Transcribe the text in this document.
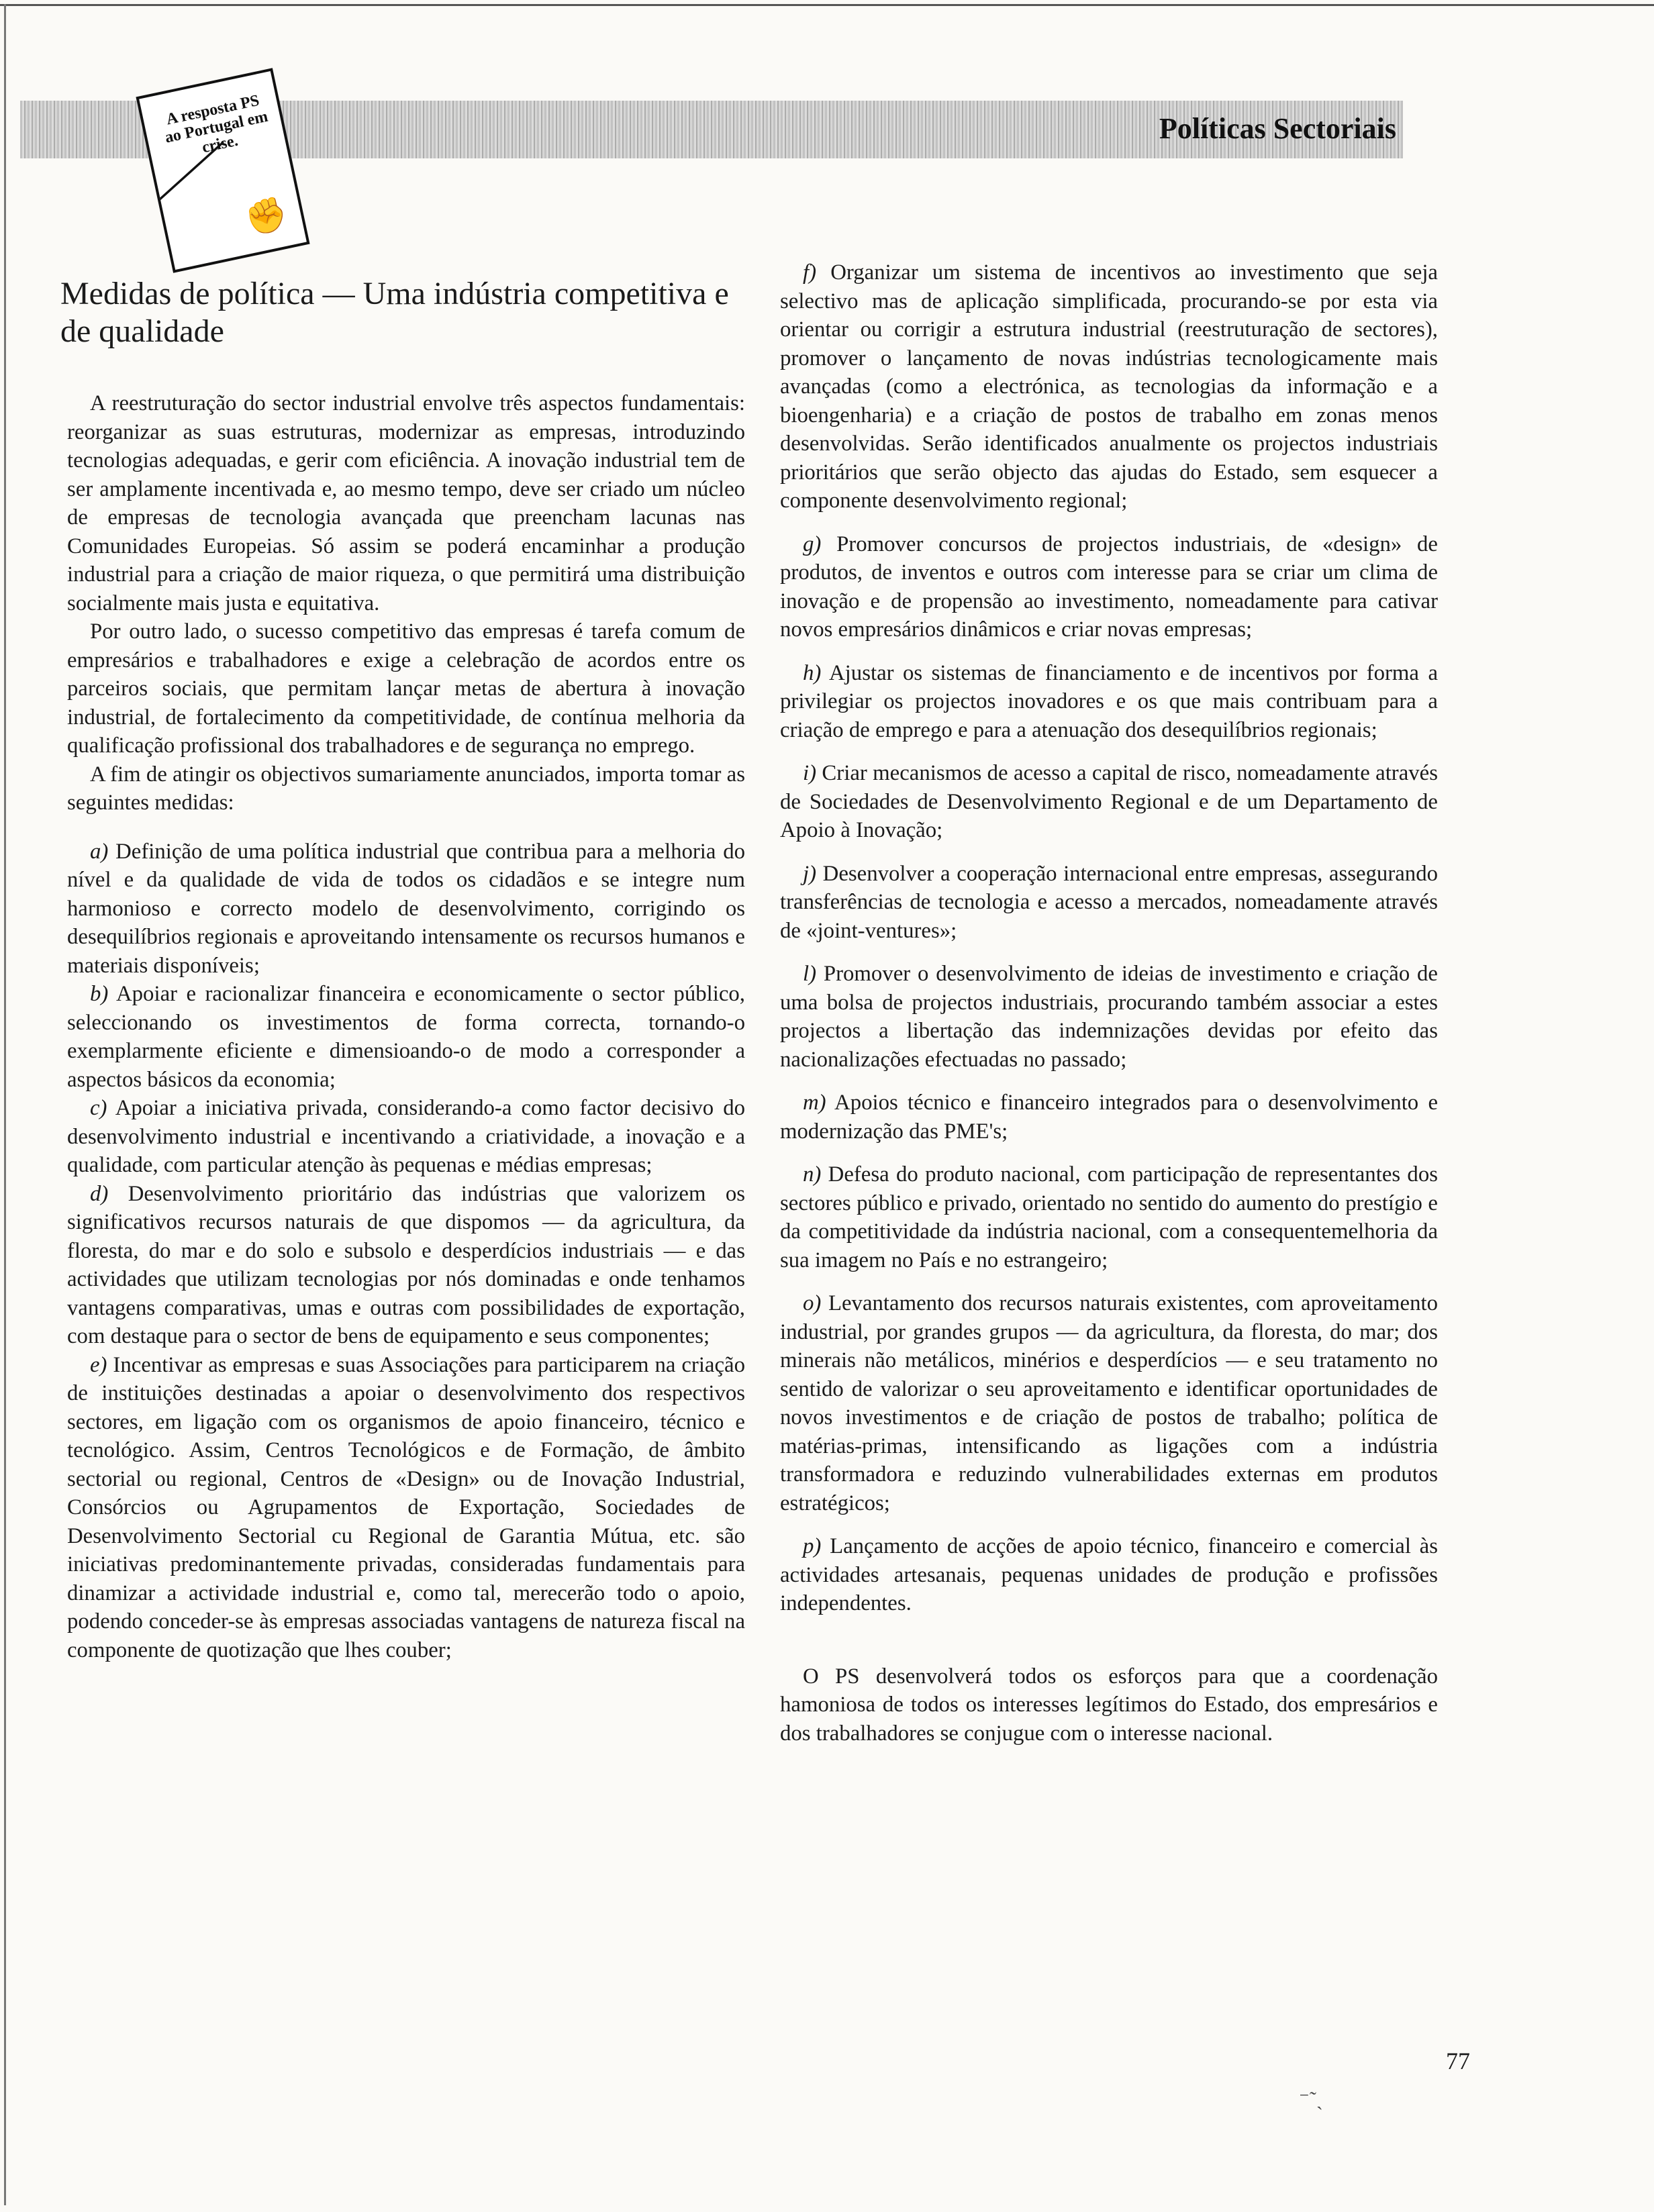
Políticas Sectoriais
A resposta PS ao Portugal em crise.
✊
Medidas de política — Uma indústria competitiva e de qualidade

A reestruturação do sector industrial envolve três aspectos fundamentais: reorganizar as suas estruturas, modernizar as empresas, introduzindo tecnologias adequadas, e gerir com eficiência. A inovação industrial tem de ser amplamente incentivada e, ao mesmo tempo, deve ser criado um núcleo de empresas de tecnologia avançada que preencham lacunas nas Comunidades Europeias. Só assim se poderá encaminhar a produção industrial para a criação de maior riqueza, o que permitirá uma distribuição socialmente mais justa e equitativa.

Por outro lado, o sucesso competitivo das empresas é tarefa comum de empresários e trabalhadores e exige a celebração de acordos entre os parceiros sociais, que permitam lançar metas de abertura à inovação industrial, de fortalecimento da competitividade, de contínua melhoria da qualificação profissional dos trabalhadores e de segurança no emprego.

A fim de atingir os objectivos sumariamente anunciados, importa tomar as seguintes medidas:

a) Definição de uma política industrial que contribua para a melhoria do nível e da qualidade de vida de todos os cidadãos e se integre num harmonioso e correcto modelo de desenvolvimento, corrigindo os desequilíbrios regionais e aproveitando intensamente os recursos humanos e materiais disponíveis;

b) Apoiar e racionalizar financeira e economicamente o sector público, seleccionando os investimentos de forma correcta, tornando-o exemplarmente eficiente e dimensioando-o de modo a corresponder a aspectos básicos da economia;

c) Apoiar a iniciativa privada, considerando-a como factor decisivo do desenvolvimento industrial e incentivando a criatividade, a inovação e a qualidade, com particular atenção às pequenas e médias empresas;

d) Desenvolvimento prioritário das indústrias que valorizem os significativos recursos naturais de que dispomos — da agricultura, da floresta, do mar e do solo e subsolo e desperdícios industriais — e das actividades que utilizam tecnologias por nós dominadas e onde tenhamos vantagens comparativas, umas e outras com possibilidades de exportação, com destaque para o sector de bens de equipamento e seus componentes;

e) Incentivar as empresas e suas Associações para participarem na criação de instituições destinadas a apoiar o desenvolvimento dos respectivos sectores, em ligação com os organismos de apoio financeiro, técnico e tecnológico. Assim, Centros Tecnológicos e de Formação, de âmbito sectorial ou regional, Centros de «Design» ou de Inovação Industrial, Consórcios ou Agrupamentos de Exportação, Sociedades de Desenvolvimento Sectorial cu Regional de Garantia Mútua, etc. são iniciativas predominantemente privadas, consideradas fundamentais para dinamizar a actividade industrial e, como tal, merecerão todo o apoio, podendo conceder-se às empresas associadas vantagens de natureza fiscal na componente de quotização que lhes couber;

f) Organizar um sistema de incentivos ao investimento que seja selectivo mas de aplicação simplificada, procurando-se por esta via orientar ou corrigir a estrutura industrial (reestruturação de sectores), promover o lançamento de novas indústrias tecnologicamente mais avançadas (como a electrónica, as tecnologias da informação e a bioengenharia) e a criação de postos de trabalho em zonas menos desenvolvidas. Serão identificados anualmente os projectos industriais prioritários que serão objecto das ajudas do Estado, sem esquecer a componente desenvolvimento regional;

g) Promover concursos de projectos industriais, de «design» de produtos, de inventos e outros com interesse para se criar um clima de inovação e de propensão ao investimento, nomeadamente para cativar novos empresários dinâmicos e criar novas empresas;

h) Ajustar os sistemas de financiamento e de incentivos por forma a privilegiar os projectos inovadores e os que mais contribuam para a criação de emprego e para a atenuação dos desequilíbrios regionais;

i) Criar mecanismos de acesso a capital de risco, nomeadamente através de Sociedades de Desenvolvimento Regional e de um Departamento de Apoio à Inovação;

j) Desenvolver a cooperação internacional entre empresas, assegurando transferências de tecnologia e acesso a mercados, nomeadamente através de «joint-ventures»;

l) Promover o desenvolvimento de ideias de investimento e criação de uma bolsa de projectos industriais, procurando também associar a estes projectos a libertação das indemnizações devidas por efeito das nacionalizações efectuadas no passado;

m) Apoios técnico e financeiro integrados para o desenvolvimento e modernização das PME's;

n) Defesa do produto nacional, com participação de representantes dos sectores público e privado, orientado no sentido do aumento do prestígio e da competitividade da indústria nacional, com a consequentemelhoria da sua imagem no País e no estrangeiro;

o) Levantamento dos recursos naturais existentes, com aproveitamento industrial, por grandes grupos — da agricultura, da floresta, do mar; dos minerais não metálicos, minérios e desperdícios — e seu tratamento no sentido de valorizar o seu aproveitamento e identificar oportunidades de novos investimentos e de criação de postos de trabalho; política de matérias-primas, intensificando as ligações com a indústria transformadora e reduzindo vulnerabilidades externas em produtos estratégicos;

p) Lançamento de acções de apoio técnico, financeiro e comercial às actividades artesanais, pequenas unidades de produção e profissões independentes.

O PS desenvolverá todos os esforços para que a coordenação hamoniosa de todos os interesses legítimos do Estado, dos empresários e dos trabalhadores se conjugue com o interesse nacional.

⁻˜ˎ
77
